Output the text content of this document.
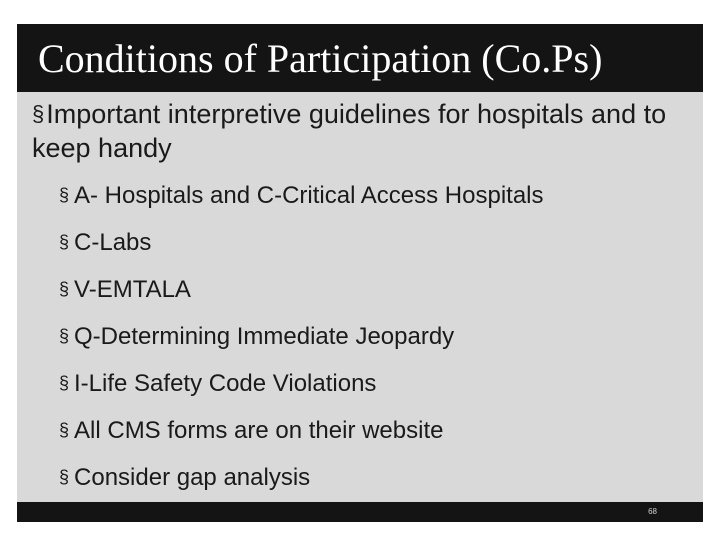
Conditions of Participation (Co.Ps)

§Important interpretive guidelines for hospitals and to keep handy

§ A- Hospitals and C-Critical Access Hospitals
§ C-Labs
§ V-EMTALA
§ Q-Determining Immediate Jeopardy
§ I-Life Safety Code Violations
§ All CMS forms are on their website
§ Consider gap analysis
68
